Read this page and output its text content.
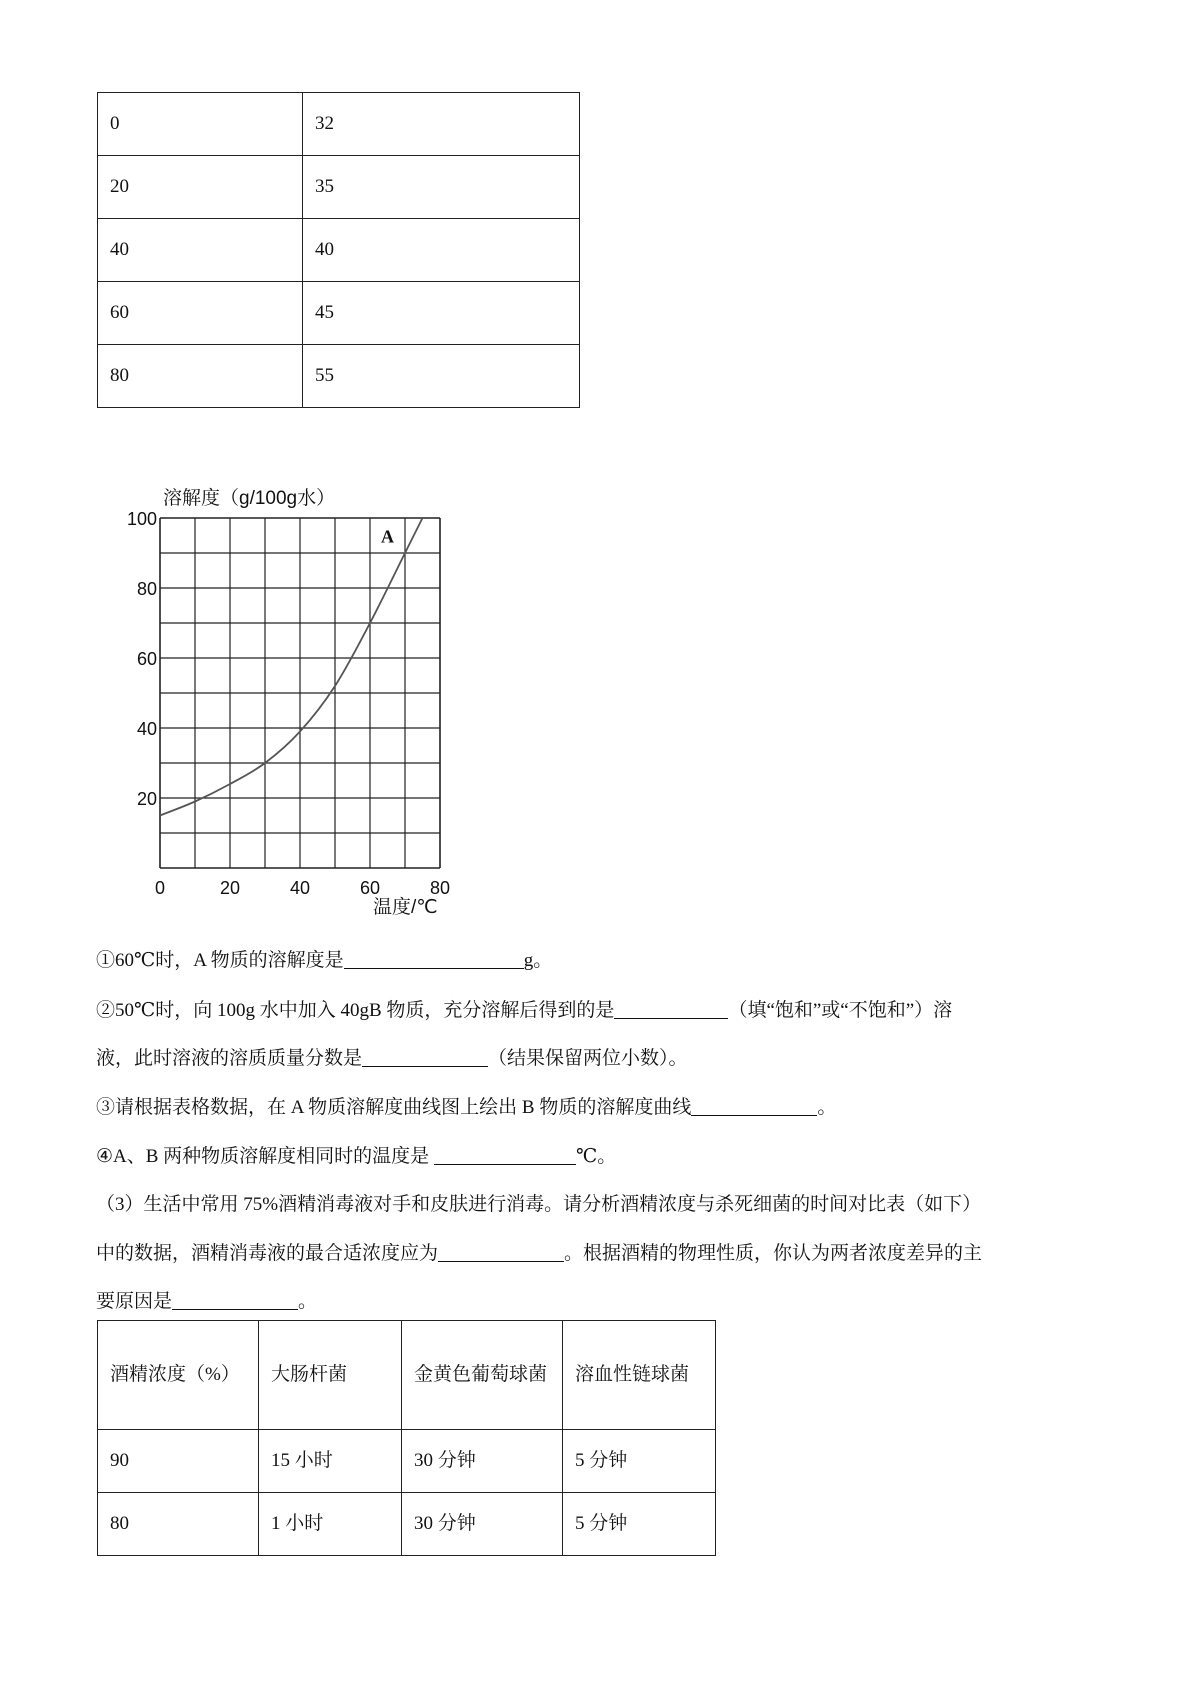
0	32
20	35
40	40
60	45
80	55
溶解度（g/100g水）
0	20	40	60	80
20
40
60
80
100
A
温度/℃
①60℃时，A 物质的溶解度是	g。
②50℃时，向 100g 水中加入 40gB 物质，充分溶解后得到的是	（填“饱和”或“不饱和”）溶
液，此时溶液的溶质质量分数是	（结果保留两位小数）。
③请根据表格数据，在 A 物质溶解度曲线图上绘出 B 物质的溶解度曲线	。
④A、B 两种物质溶解度相同时的温度是	℃。
（3）生活中常用 75%酒精消毒液对手和皮肤进行消毒。请分析酒精浓度与杀死细菌的时间对比表（如下）
中的数据，酒精消毒液的最合适浓度应为	。根据酒精的物理性质，你认为两者浓度差异的主
要原因是	。
酒精浓度（%）	大肠杆菌	金黄色葡萄球菌	溶血性链球菌
90	15 小时	30 分钟	5 分钟
80	1 小时	30 分钟	5 分钟
